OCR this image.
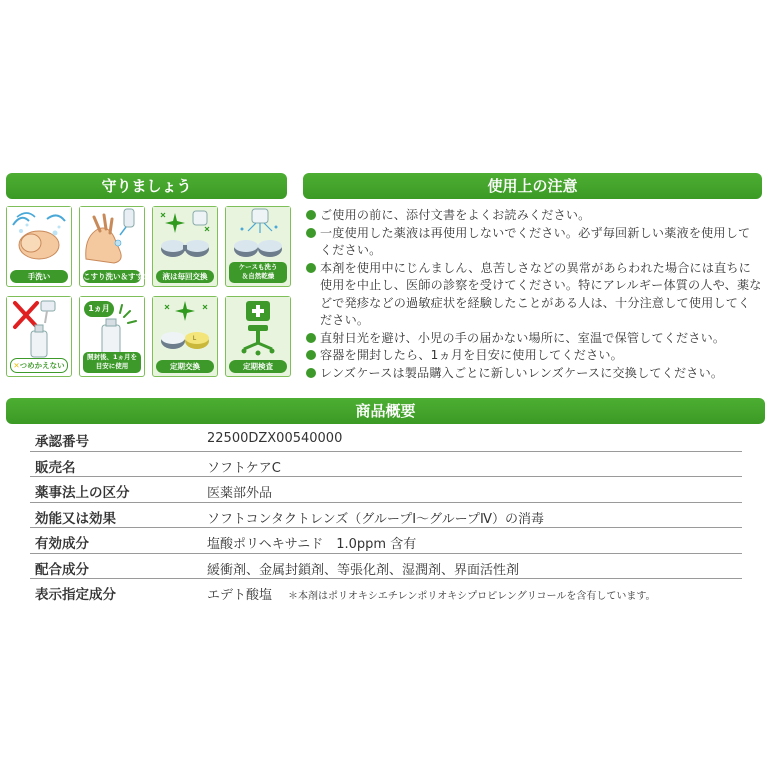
守りましょう	使用上の注意
手洗い	こすり洗い＆すすぎ	液は毎回交換
ケースも洗う
＆自然乾燥
✕つめかえない
1ヵ月
開封後、1ヵ月を
目安に使用
L
定期交換	定期検査
ご使用の前に、添付文書をよくお読みください。
一度使用した薬液は再使用しないでください。必ず毎回新しい薬液を使用してください。
本剤を使用中にじんましん、息苦しさなどの異常があらわれた場合には直ちに使用を中止し、医師の診察を受けてください。特にアレルギー体質の人や、薬などで発疹などの過敏症状を経験したことがある人は、十分注意して使用してください。
直射日光を避け、小児の手の届かない場所に、室温で保管してください。
容器を開封したら、1ヵ月を目安に使用してください。
レンズケースは製品購入ごとに新しいレンズケースに交換してください。
商品概要
承認番号	22500DZX00540000
販売名	ソフトケアC
薬事法上の区分	医薬部外品
効能又は効果	ソフトコンタクトレンズ（グループⅠ〜グループⅣ）の消毒
有効成分	塩酸ポリヘキサニド　1.0ppm 含有
配合成分	緩衝剤、金属封鎖剤、等張化剤、湿潤剤、界面活性剤
表示指定成分	エデト酸塩 ＊本剤はポリオキシエチレンポリオキシプロピレングリコールを含有しています。
